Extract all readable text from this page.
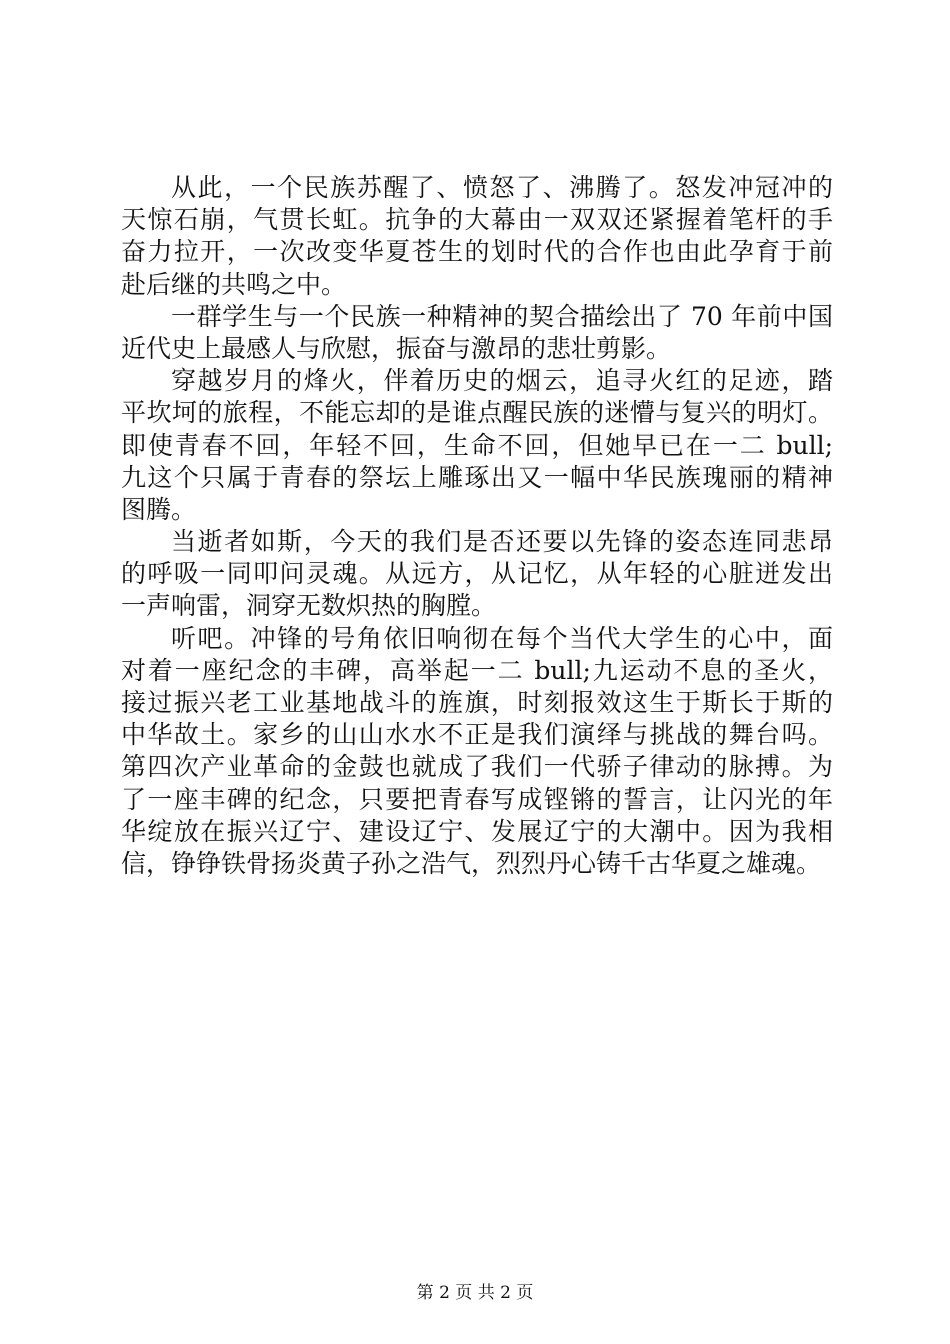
从此，一个民族苏醒了、愤怒了、沸腾了。怒发冲冠冲的
天惊石崩，气贯长虹。抗争的大幕由一双双还紧握着笔杆的手
奋力拉开，一次改变华夏苍生的划时代的合作也由此孕育于前
赴后继的共鸣之中。
一群学生与一个民族一种精神的契合描绘出了 70 年前中国
近代史上最感人与欣慰，振奋与激昂的悲壮剪影。
穿越岁月的烽火，伴着历史的烟云，追寻火红的足迹，踏
平坎坷的旅程，不能忘却的是谁点醒民族的迷懵与复兴的明灯。
即使青春不回，年轻不回，生命不回，但她早已在一二 bull;
九这个只属于青春的祭坛上雕琢出又一幅中华民族瑰丽的精神
图腾。
当逝者如斯，今天的我们是否还要以先锋的姿态连同悲昂
的呼吸一同叩问灵魂。从远方，从记忆，从年轻的心脏迸发出
一声响雷，洞穿无数炽热的胸膛。
听吧。冲锋的号角依旧响彻在每个当代大学生的心中，面
对着一座纪念的丰碑，高举起一二 bull;九运动不息的圣火，
接过振兴老工业基地战斗的旌旗，时刻报效这生于斯长于斯的
中华故土。家乡的山山水水不正是我们演绎与挑战的舞台吗。
第四次产业革命的金鼓也就成了我们一代骄子律动的脉搏。为
了一座丰碑的纪念，只要把青春写成铿锵的誓言，让闪光的年
华绽放在振兴辽宁、建设辽宁、发展辽宁的大潮中。因为我相
信，铮铮铁骨扬炎黄子孙之浩气，烈烈丹心铸千古华夏之雄魂。
第 2 页 共 2 页
